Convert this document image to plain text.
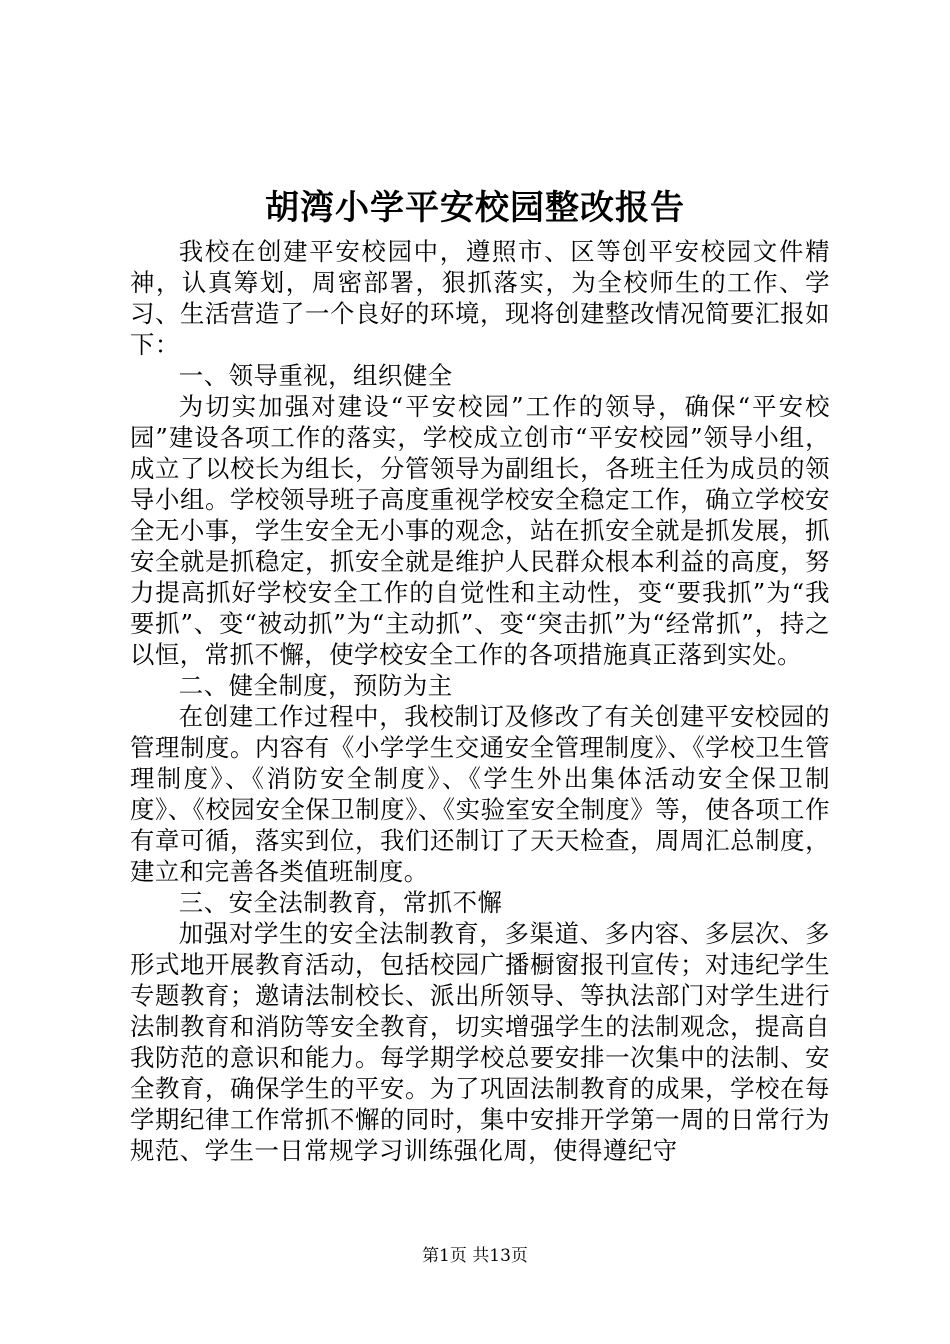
胡湾小学平安校园整改报告

我校在创建平安校园中，遵照市、区等创平安校园文件精神，认真筹划，周密部署，狠抓落实，为全校师生的工作、学习、生活营造了一个良好的环境，现将创建整改情况简要汇报如下：

一、领导重视，组织健全

为切实加强对建设“平安校园”工作的领导，确保“平安校园”建设各项工作的落实，学校成立创市“平安校园”领导小组，成立了以校长为组长，分管领导为副组长，各班主任为成员的领导小组。学校领导班子高度重视学校安全稳定工作，确立学校安全无小事，学生安全无小事的观念，站在抓安全就是抓发展，抓安全就是抓稳定，抓安全就是维护人民群众根本利益的高度，努力提高抓好学校安全工作的自觉性和主动性，变“要我抓”为“我要抓”、变“被动抓”为“主动抓”、变“突击抓”为“经常抓”，持之以恒，常抓不懈，使学校安全工作的各项措施真正落到实处。

二、健全制度，预防为主

在创建工作过程中，我校制订及修改了有关创建平安校园的管理制度。内容有《小学学生交通安全管理制度》、《学校卫生管理制度》、《消防安全制度》、《学生外出集体活动安全保卫制度》、《校园安全保卫制度》、《实验室安全制度》等，使各项工作有章可循，落实到位，我们还制订了天天检查，周周汇总制度，建立和完善各类值班制度。

三、安全法制教育，常抓不懈

加强对学生的安全法制教育，多渠道、多内容、多层次、多形式地开展教育活动，包括校园广播橱窗报刊宣传；对违纪学生专题教育；邀请法制校长、派出所领导、等执法部门对学生进行法制教育和消防等安全教育，切实增强学生的法制观念，提高自我防范的意识和能力。每学期学校总要安排一次集中的法制、安全教育，确保学生的平安。为了巩固法制教育的成果，学校在每学期纪律工作常抓不懈的同时，集中安排开学第一周的日常行为规范、学生一日常规学习训练强化周，使得遵纪守

第1页 共13页
